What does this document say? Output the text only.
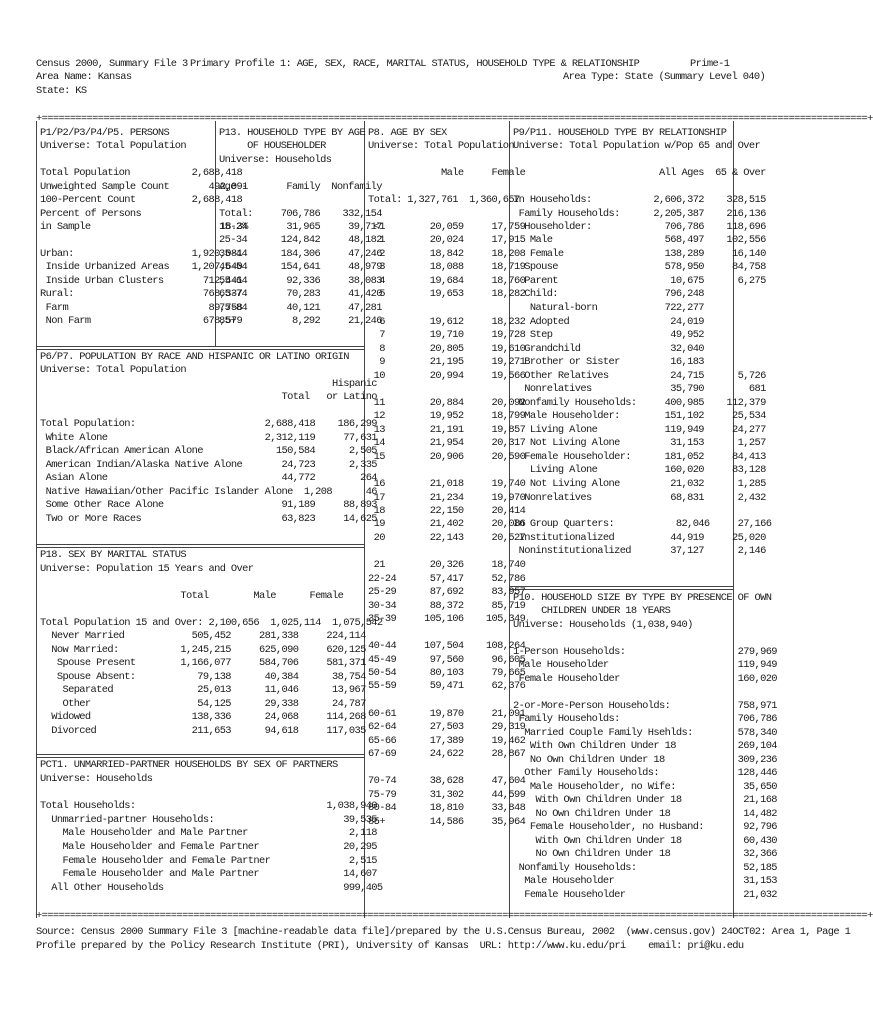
Census 2000, Summary File 3 Primary Profile 1: AGE, SEX, RACE, MARITAL STATUS, HOUSEHOLD TYPE & RELATIONSHIP	Prime-1
Area Name: Kansas	Area Type: State (Summary Level 040)
State: KS
+===================================================================================================================================================+
P1/P2/P3/P4/P5. PERSONS
Universe: Total Population
Total Population           2,688,418
Unweighted Sample Count       492,091
100-Percent Count          2,688,418
Percent of Persons
in Sample                       18.3%
Urban:                     1,920,081
Inside Urbanized Areas    1,207,640
Inside Urban Clusters       712,441
Rural:                       768,337
Farm                         89,758
Non Farm                    678,579
P13. HOUSEHOLD TYPE BY AGE
OF HOUSEHOLDER
Universe: Households
Age--       Family  Nonfamily
Total:     706,786    332,154
15-24       31,965     39,717
25-34      124,842     48,182
35-44      184,306     47,246
45-54      154,641     48,979
55-64       92,336     38,083
65-74       70,283     41,420
75-84       40,121     47,281
85+          8,292     21,246
P8. AGE BY SEX
Universe: Total Population
Male     Female
Total: 1,327,761  1,360,657
<1        20,059     17,759
1        20,024     17,915
2        18,842     18,208
3        18,088     18,719
4        19,684     18,760
5        19,653     18,282
6        19,612     18,232
7        19,710     19,728
8        20,805     19,610
9        21,195     19,271
10        20,994     19,566
11        20,884     20,092
12        19,952     18,799
13        21,191     19,857
14        21,954     20,317
15        20,906     20,590
16        21,018     19,740
17        21,234     19,970
18        22,150     20,414
19        21,402     20,086
20        22,143     20,527
21        20,326     18,740
22-24      57,417     52,786
25-29      87,692     83,957
30-34      88,372     85,719
35-39     105,106    105,349
40-44     107,504    108,264
45-49      97,560     96,605
50-54      80,103     79,665
55-59      59,471     62,376
60-61      19,870     21,091
62-64      27,503     29,319
65-66      17,389     19,462
67-69      24,622     28,867
70-74      38,628     47,604
75-79      31,302     44,599
80-84      18,810     33,848
85+        14,586     35,964
P9/P11. HOUSEHOLD TYPE BY RELATIONSHIP
Universe: Total Population w/Pop 65 and Over
All Ages  65 & Over
In Households:           2,606,372    328,515
Family Households:      2,205,387    216,136
Householder:             706,786    118,696
Male                    568,497    102,556
Female                  138,289     16,140
Spouse                   578,950     84,758
Parent                    10,675      6,275
Child:                   796,248
Natural-born            722,277
Adopted                  24,019
Step                     49,952
Grandchild                32,040
Brother or Sister         16,183
Other Relatives           24,715      5,726
Nonrelatives              35,790        681
Nonfamily Households:     400,985    112,379
Male Householder:        151,102     25,534
Living Alone            119,949     24,277
Not Living Alone         31,153      1,257
Female Householder:      181,052     84,413
Living Alone            160,020     83,128
Not Living Alone         21,032      1,285
Nonrelatives              68,831      2,432
In Group Quarters:           82,046     27,166
Institutionalized          44,919     25,020
Noninstitutionalized       37,127      2,146
P10. HOUSEHOLD SIZE BY TYPE BY PRESENCE OF OWN
CHILDREN UNDER 18 YEARS
Universe: Households (1,038,940)
1-Person Households:                    279,969
Male Householder                       119,949
Female Householder                     160,020
2-or-More-Person Households:            758,971
Family Households:                     706,786
Married Couple Family Hsehlds:        578,340
With Own Children Under 18           269,104
No Own Children Under 18             309,236
Other Family Households:              128,446
Male Householder, no Wife:            35,650
With Own Children Under 18           21,168
No Own Children Under 18             14,482
Female Householder, no Husband:       92,796
With Own Children Under 18           60,430
No Own Children Under 18             32,366
Nonfamily Households:                   52,185
Male Householder                       31,153
Female Householder                     21,032
P6/P7. POPULATION BY RACE AND HISPANIC OR LATINO ORIGIN
Universe: Total Population
Hispanic
Total   or Latino
Total Population:                       2,688,418    186,299
White Alone                            2,312,119     77,631
Black/African American Alone             150,584      2,505
American Indian/Alaska Native Alone       24,723      2,335
Asian Alone                               44,772        264
Native Hawaiian/Other Pacific Islander Alone  1,208      46
Some Other Race Alone                     91,189     88,893
Two or More Races                         63,823     14,625
P18. SEX BY MARITAL STATUS
Universe: Population 15 Years and Over
Total        Male      Female
Total Population 15 and Over: 2,100,656  1,025,114  1,075,542
Never Married            505,452     281,338     224,114
Now Married:           1,245,215     625,090     620,125
Spouse Present        1,166,077     584,706     581,371
Spouse Absent:           79,138      40,384      38,754
Separated               25,013      11,046      13,967
Other                   54,125      29,338      24,787
Widowed                  138,336      24,068     114,268
Divorced                 211,653      94,618     117,035
PCT1. UNMARRIED-PARTNER HOUSEHOLDS BY SEX OF PARTNERS
Universe: Households
Total Households:                                  1,038,940
Unmarried-partner Households:                       39,535
Male Householder and Male Partner                  2,118
Male Householder and Female Partner               20,295
Female Householder and Female Partner              2,515
Female Householder and Male Partner               14,607
All Other Households                                999,405
+===================================================================================================================================================+
Source: Census 2000 Summary File 3 [machine-readable data file]/prepared by the U.S.Census Bureau, 2002  (www.census.gov) 24OCT02: Area 1, Page 1
Profile prepared by the Policy Research Institute (PRI), University of Kansas  URL: http://www.ku.edu/pri    email: pri@ku.edu
